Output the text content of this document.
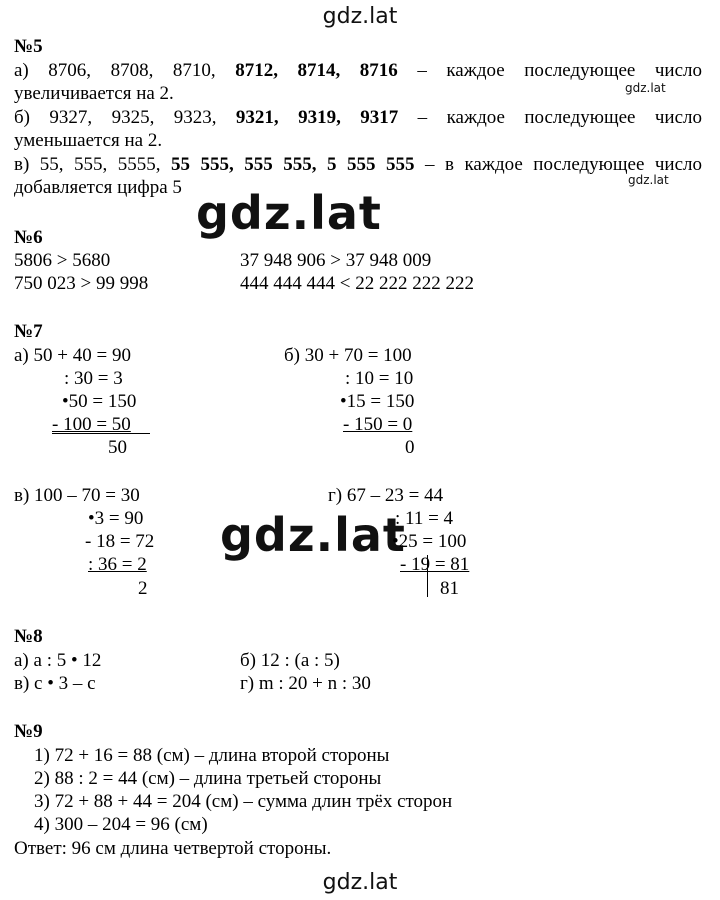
gdz.lat
gdz.lat
gdz.lat
gdz.lat
gdz.lat
gdz.lat
№5
а) 8706, 8708, 8710, 8712, 8714, 8716 – каждое последующее число
увеличивается на 2.
б) 9327, 9325, 9323, 9321, 9319, 9317 – каждое последующее число
уменьшается на 2.
в) 55, 555, 5555, 55 555, 555 555, 5 555 555 – в каждое последующее число
добавляется цифра 5
№6
5806 > 5680	37 948 906 > 37 948 009
750 023 > 99 998	444 444 444 < 22 222 222 222
№7
а) 50 + 40 = 90
: 30 = 3
•50 = 150
- 100 = 50
50
б) 30 + 70 = 100
: 10 = 10
•15 = 150
- 150 = 0
0
в) 100 – 70 = 30
•3 = 90
- 18 = 72
: 36 = 2
2
г) 67 – 23 = 44
: 11 = 4
•25 = 100
- 19 = 81
81
№8
а) а : 5 • 12	б) 12 : (а : 5)
в) с • 3 – с	г) m : 20 + n : 30
№9
1) 72 + 16 = 88 (см) – длина второй стороны
2) 88 : 2 = 44 (см) – длина третьей стороны
3) 72 + 88 + 44 = 204 (см) – сумма длин трёх сторон
4) 300 – 204 = 96 (см)
Ответ: 96 см длина четвертой стороны.
